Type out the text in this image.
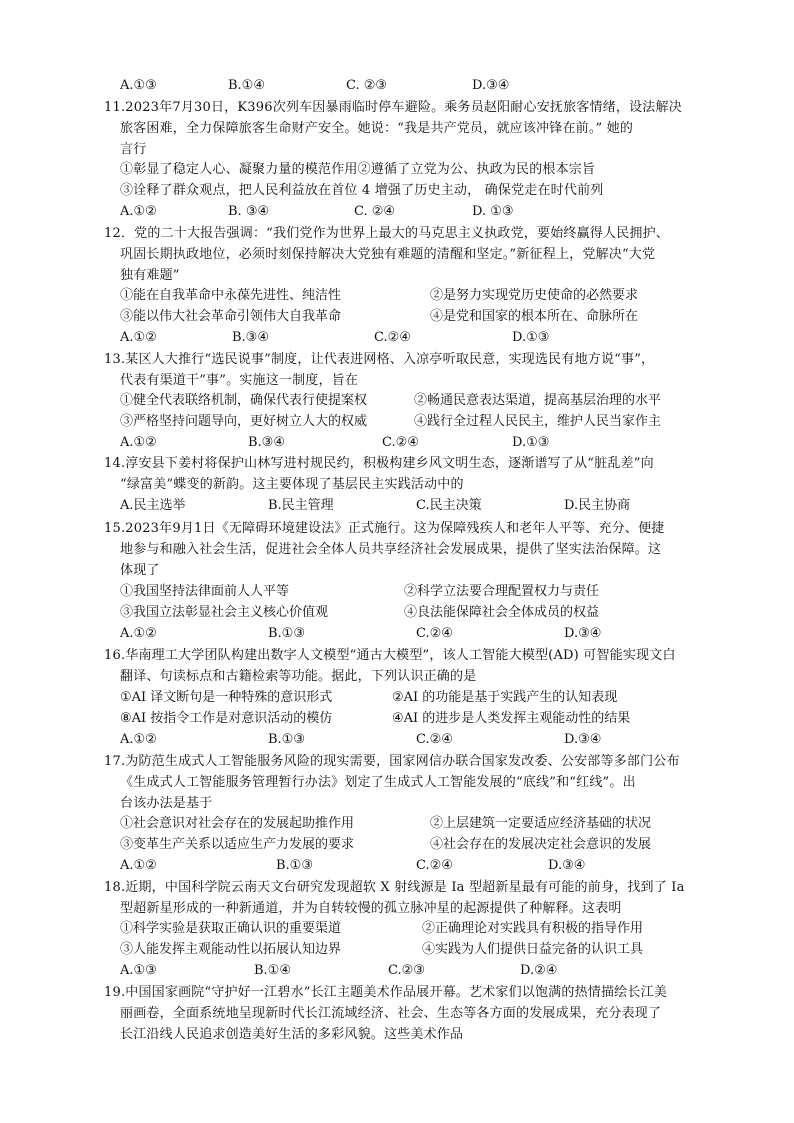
A.①③	B.①④	C. ②③	D.③④
11.2023年7月30日，K396次列车因暴雨临时停车避险。乘务员赵阳耐心安抚旅客情绪，设法解决
旅客困难，全力保障旅客生命财产安全。她说：“我是共产党员，就应该冲锋在前。” 她的
言行
①彰显了稳定人心、凝聚力量的模范作用②遵循了立党为公、执政为民的根本宗旨
③诠释了群众观点，把人民利益放在首位 4 增强了历史主动， 确保党走在时代前列
A.①②	B. ③④	C. ②④	D. ①③
12．党的二十大报告强调：“我们党作为世界上最大的马克思主义执政党，要始终赢得人民拥护、
巩固长期执政地位，必须时刻保持解决大党独有难题的清醒和坚定。”新征程上，党解决“大党
独有难题”
①能在自我革命中永葆先进性、纯洁性	②是努力实现党历史使命的必然要求
③能以伟大社会革命引领伟大自我革命	④是党和国家的根本所在、命脉所在
A.①②	B.③④	C.②④	D.①③
13.某区人大推行“选民说事”制度，让代表进网格、入凉亭听取民意，实现选民有地方说“事”，
代表有渠道干”事”。实施这一制度，旨在
①健全代表联络机制，确保代表行使提案权	②畅通民意表达渠道，提高基层治理的水平
③严格坚持问题导向，更好树立人大的权威	④践行全过程人民民主，维护人民当家作主
A.①②	B.③④	C.②④	D.①③
14.淳安县下姜村将保护山林写进村规民约，积极构建乡风文明生态，逐渐谱写了从“脏乱差”向
“绿富美”蝶变的新韵。这主要体现了基层民主实践活动中的
A.民主选举	B.民主管理	C.民主决策	D.民主协商
15.2023年9月1日《无障碍环境建设法》正式施行。这为保障残疾人和老年人平等、充分、便捷
地参与和融入社会生活，促进社会全体人员共享经济社会发展成果，提供了坚实法治保障。这
体现了
①我国坚持法律面前人人平等	②科学立法要合理配置权力与责任
③我国立法彰显社会主义核心价值观	④良法能保障社会全体成员的权益
A.①②	B.①③	C.②④	D.③④
16.华南理工大学团队构建出数字人文模型“通古大模型”，该人工智能大模型(AD) 可智能实现文白
翻译、句读标点和古籍检索等功能。据此，下列认识正确的是
①AI 译文断句是一种特殊的意识形式	②AI 的功能是基于实践产生的认知表现
⑧AI 按指令工作是对意识活动的模仿	④AI 的进步是人类发挥主观能动性的结果
A.①②	B.①③	C.②④	D.③④
17.为防范生成式人工智能服务风险的现实需要，国家网信办联合国家发改委、公安部等多部门公布
《生成式人工智能服务管理暂行办法》划定了生成式人工智能发展的“底线”和“红线”。出
台该办法是基于
①社会意识对社会存在的发展起助推作用	②上层建筑一定要适应经济基础的状况
③变革生产关系以适应生产力发展的要求	④社会存在的发展决定社会意识的发展
A.①②	B.①③	C.②④	D.③④
18.近期，中国科学院云南天文台研究发现超软 X 射线源是 Ia 型超新星最有可能的前身，找到了 Ia
型超新星形成的一种新通道，并为自转较慢的孤立脉冲星的起源提供了种解释。这表明
①科学实验是获取正确认识的重要渠道	②正确理论对实践具有积极的指导作用
③人能发挥主观能动性以拓展认知边界	④实践为人们提供日益完备的认识工具
A.①③	B.①④	C.②③	D.②④
19.中国国家画院“守护好一江碧水”长江主题美术作品展开幕。艺术家们以饱满的热情描绘长江美
丽画卷，全面系统地呈现新时代长江流域经济、社会、生态等各方面的发展成果，充分表现了
长江沿线人民追求创造美好生活的多彩风貌。这些美术作品
